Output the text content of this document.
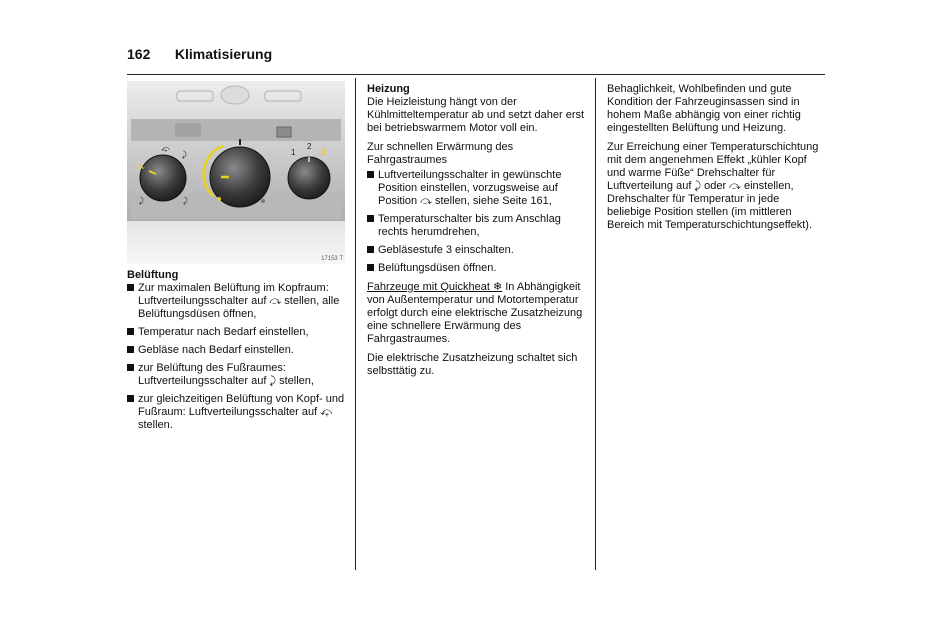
162 Klimatisierung
⤼
⤽
⤸
⤸	⤸
1
2
3
17153 T

Belüftung

Zur maximalen Belüftung im Kopfraum: Luftverteilungsschalter auf ⤼ stellen, alle Belüftungsdüsen öffnen,
Temperatur nach Bedarf einstellen,
Gebläse nach Bedarf einstellen.
zur Belüftung des Fußraumes: Luftverteilungsschalter auf ⤸ stellen,
zur gleichzeitigen Belüftung von Kopf- und Fußraum: Luftverteilungsschalter auf ⤽ stellen.

Heizung

Die Heizleistung hängt von der Kühlmitteltemperatur ab und setzt daher erst bei betriebswarmem Motor voll ein.

Zur schnellen Erwärmung des Fahrgastraumes

Luftverteilungsschalter in gewünschte Position einstellen, vorzugsweise auf Position ⤼ stellen, siehe Seite 161,
Temperaturschalter bis zum Anschlag rechts herumdrehen,
Gebläsestufe 3 einschalten.
Belüftungsdüsen öffnen.

Fahrzeuge mit Quickheat ❄ In Abhängigkeit von Außentemperatur und Motortemperatur erfolgt durch eine elektrische Zusatzheizung eine schnellere Erwärmung des Fahrgastraumes.

Die elektrische Zusatzheizung schaltet sich selbsttätig zu.

Behaglichkeit, Wohlbefinden und gute Kondition der Fahrzeuginsassen sind in hohem Maße abhängig von einer richtig eingestellten Belüftung und Heizung.

Zur Erreichung einer Temperaturschichtung mit dem angenehmen Effekt „kühler Kopf und warme Füße“ Drehschalter für Luftverteilung auf ⤸ oder ⤼ einstellen, Drehschalter für Temperatur in jede beliebige Position stellen (im mittleren Bereich mit Temperaturschichtungseffekt).
